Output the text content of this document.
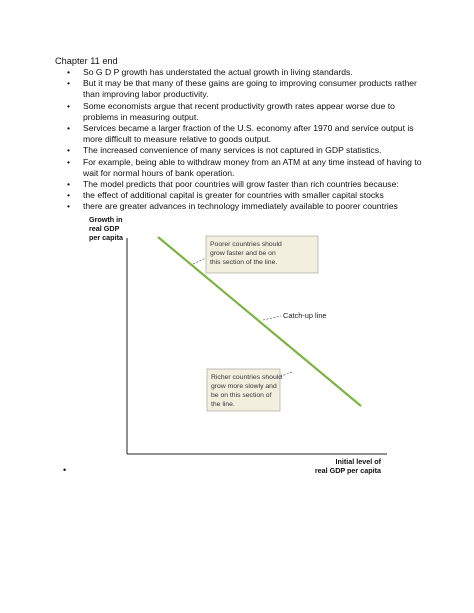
Chapter 11 end
• So G D P growth has understated the actual growth in living standards.
• But it may be that many of these gains are going to improving consumer products rather than improving labor productivity.
• Some economists argue that recent productivity growth rates appear worse due to problems in measuring output.
• Services became a larger fraction of the U.S. economy after 1970 and service output is more difficult to measure relative to goods output.
• The increased convenience of many services is not captured in GDP statistics.
• For example, being able to withdraw money from an ATM at any time instead of having to wait for normal hours of bank operation.
• The model predicts that poor countries will grow faster than rich countries because:
• the effect of additional capital is greater for countries with smaller capital stocks
• there are greater advances in technology immediately available to poorer countries
Growth in
real GDP
per capita
Initial level of
real GDP per capita
Catch-up line
Poorer countries should
grow faster and be on
this section of the line.
Richer countries should
grow more slowly and
be on this section of
the line.
•
